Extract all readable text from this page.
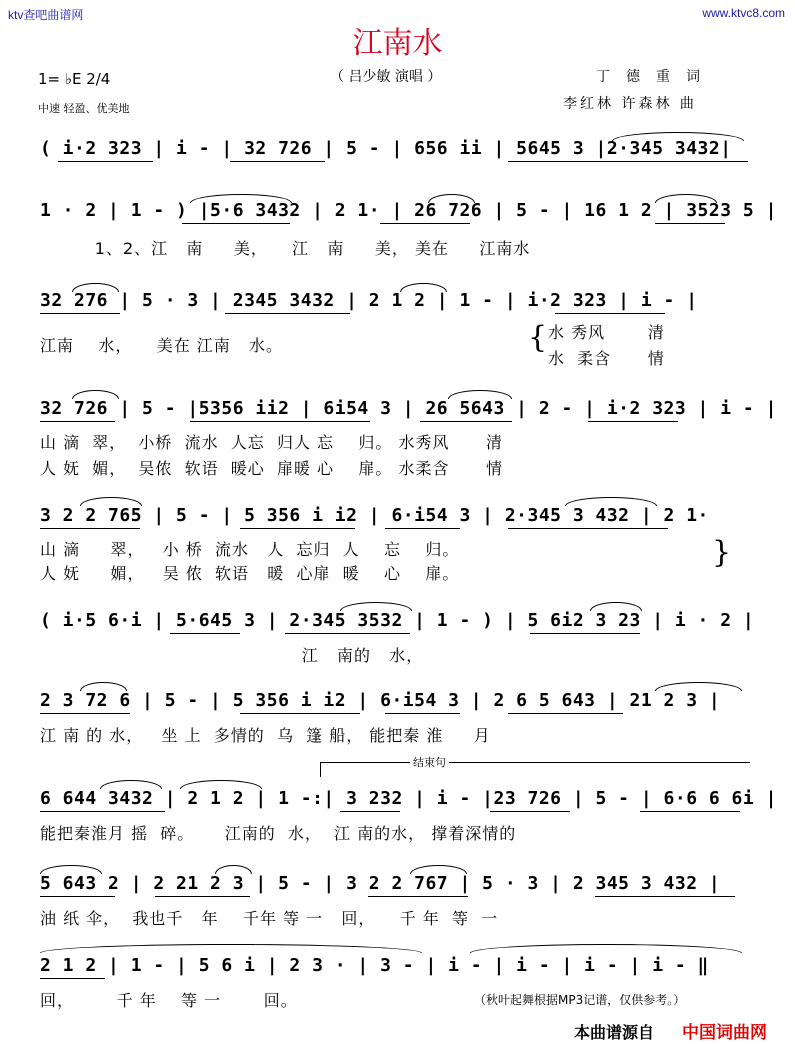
ktv查吧曲谱网	www.ktvc8.com
江南水
（ 吕少敏 演唱 ）
1= ♭E 2/4
中速 轻盈、优美地
丁德重词
李红林 许森林 曲
( i·2 323 | i - | 32 726 | 5 - | 656 ii | 5645 3 |2·345 3432|
1 · 2 | 1 - ) |5·6 3432 | 2 1· | 26 726 | 5 - | 16 1 2 | 3523 5 |
1、2、江   南     美，    江   南     美， 美在     江南水
32 276 | 5 · 3 | 2345 3432 | 2 1 2 | 1 - | i·2 323 | i - |
江南    水，    美在 江南   水。	{ 水 秀风       清
水  柔含      情
32 726 | 5 - |5356 ii2 | 6i54 3 | 26 5643 | 2 - | i·2 323 | i - |
山 滴  翠，  小桥  流水  人忘  归人 忘    归。 水秀风      清
人 妩  媚，  吴侬  软语  暖心  扉暖 心    扉。 水柔含      情
3 2 2 765 | 5 - | 5 356 i i2 | 6·i54 3 | 2·345 3 432 | 2 1·
山 滴     翠，   小 桥  流水   人  忘归  人    忘    归。
人 妩     媚，   吴 侬  软语   暖  心扉  暖    心    扉。
}
( i·5 6·i | 5·645 3 | 2·345 3532 | 1 - ) | 5 6i2 3 23 | i · 2 |
江   南的   水，
2 3 72 6 | 5 - | 5 356 i i2 | 6·i54 3 | 2 6 5 643 | 21 2 3 |
江 南 的 水，   坐 上  多情的  乌  篷 船， 能把秦 淮     月
结束句
6 644 3432 | 2 1 2 | 1 -:| 3 232 | i - |23 726 | 5 - | 6·6 6 6i |
能把秦淮月 摇  碎。     江南的  水，  江 南的水， 撑着深情的
5 643 2 | 2 21 2 3 | 5 - | 3 2 2 767 | 5 · 3 | 2 345 3 432 |
油 纸 伞，  我也千   年    千年 等 一   回，    千 年  等  一
2 1 2 | 1 - | 5 6 i | 2 3 · | 3 - | i - | i - | i - | i - ‖
回，       千 年    等 一       回。	（秋叶起舞根据MP3记谱，仅供参考。）
本曲谱源自 中国词曲网
